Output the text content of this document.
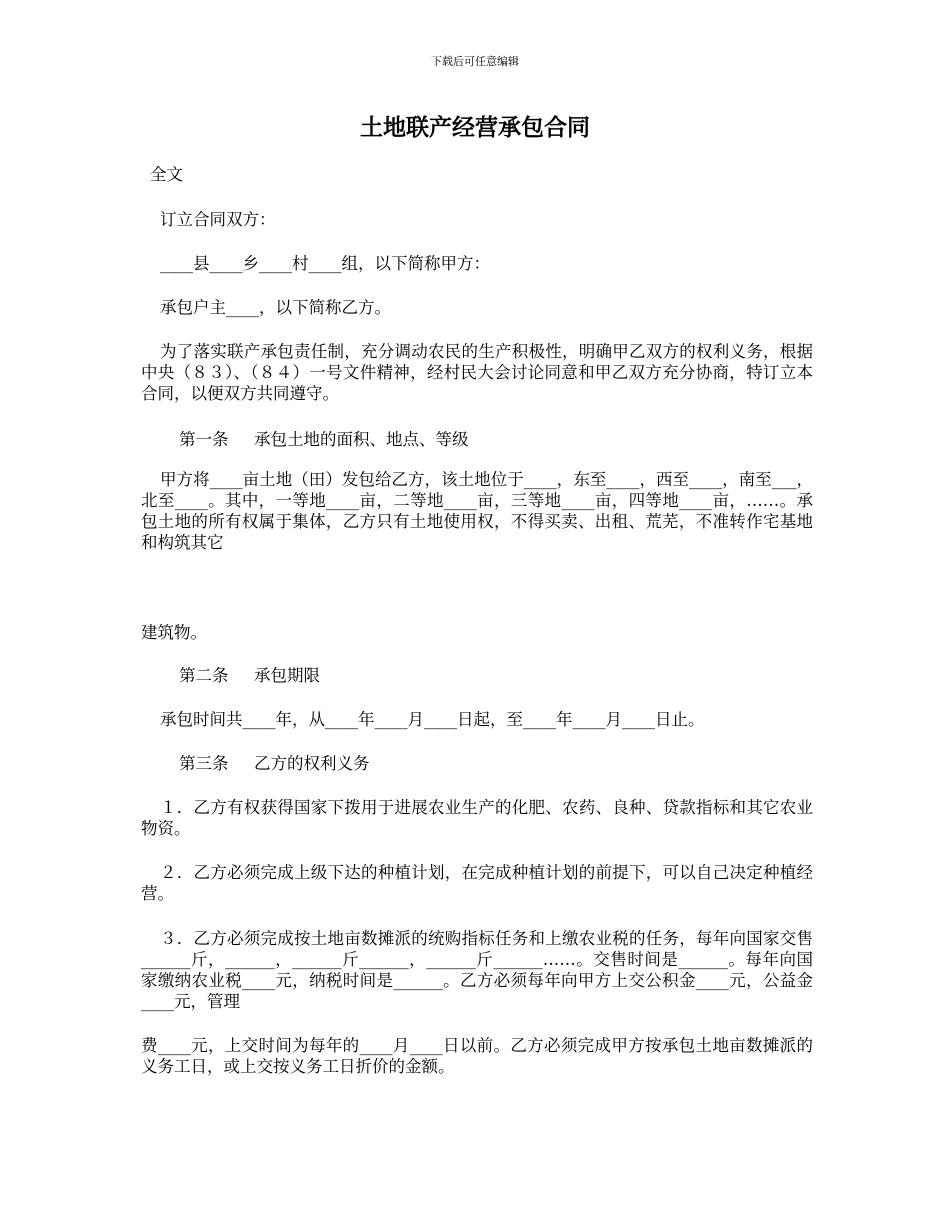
下载后可任意编辑
土地联产经营承包合同

全文

订立合同双方：

____县____乡____村____组，以下简称甲方：

承包户主____，以下简称乙方。

为了落实联产承包责任制，充分调动农民的生产积极性，明确甲乙双方的权利义务，根据中央（８３）、（８４）一号文件精神，经村民大会讨论同意和甲乙双方充分协商，特订立本合同，以便双方共同遵守。

第一条 承包土地的面积、地点、等级

甲方将____亩土地（田）发包给乙方，该土地位于____，东至____，西至____，南至___，北至____。其中，一等地____亩，二等地____亩，三等地____亩，四等地____亩，……。承包土地的所有权属于集体，乙方只有土地使用权，不得买卖、出租、荒芜，不准转作宅基地和构筑其它

建筑物。

第二条 承包期限

承包时间共____年，从____年____月____日起，至____年____月____日止。

第三条 乙方的权利义务

１．乙方有权获得国家下拨用于进展农业生产的化肥、农药、良种、贷款指标和其它农业物资。

２．乙方必须完成上级下达的种植计划，在完成种植计划的前提下，可以自己决定种植经营。

３．乙方必须完成按土地亩数摊派的统购指标任务和上缴农业税的任务，每年向国家交售______斤，______，______斤______，______斤______……。交售时间是______。每年向国家缴纳农业税____元，纳税时间是______。乙方必须每年向甲方上交公积金____元，公益金____元，管理

费____元，上交时间为每年的____月____日以前。乙方必须完成甲方按承包土地亩数摊派的义务工日，或上交按义务工日折价的金额。
